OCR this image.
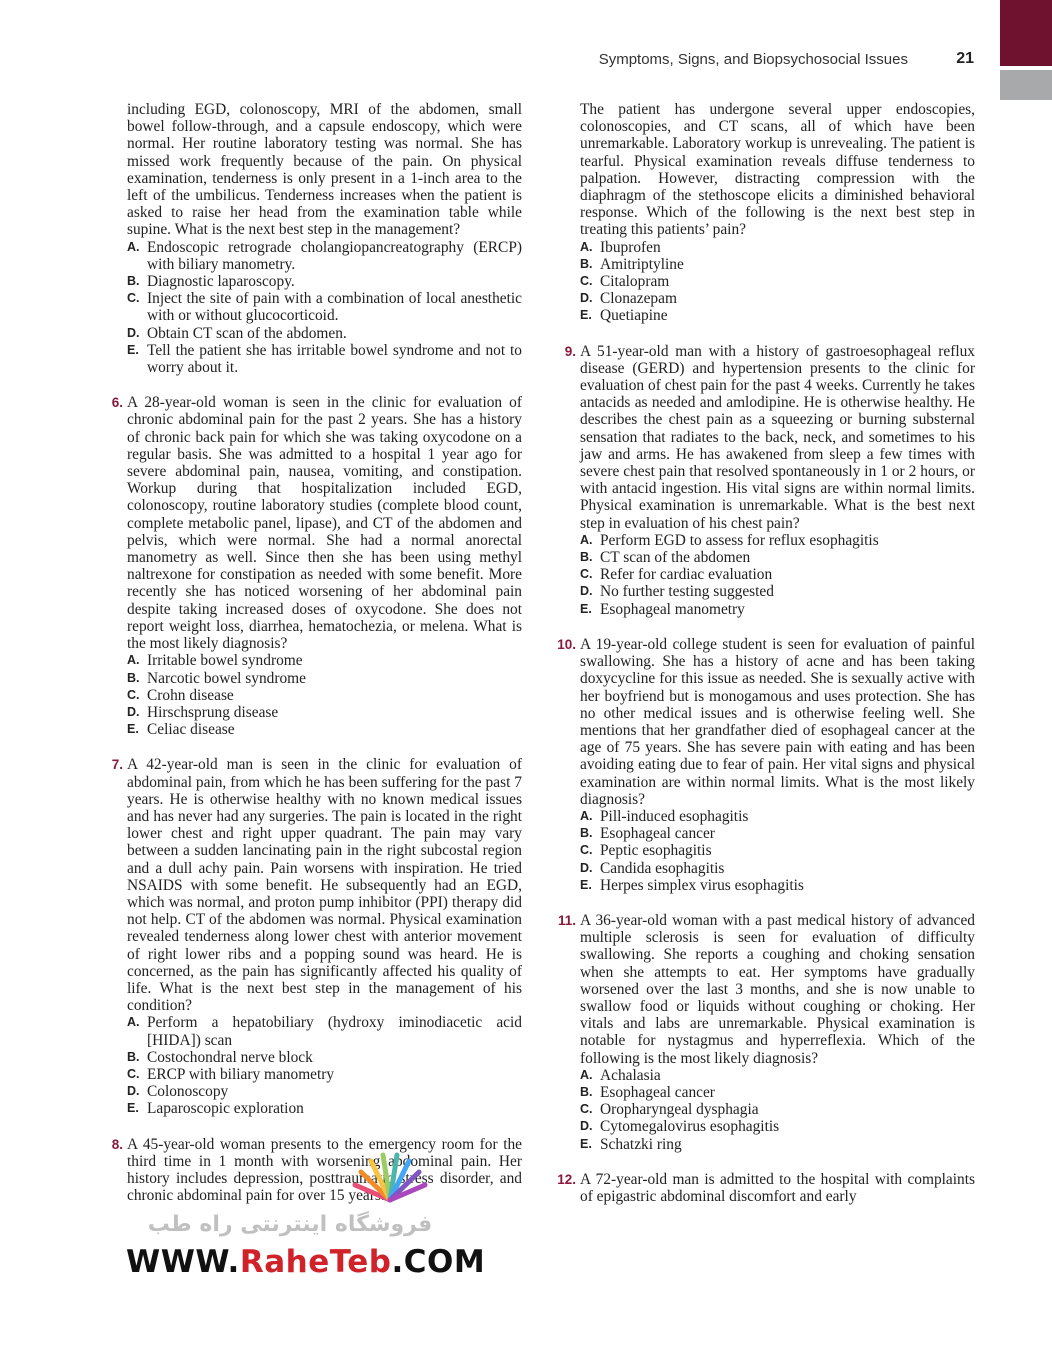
Symptoms, Signs, and Biopsychosocial Issues	21

including EGD, colonoscopy, MRI of the abdomen, small bowel follow-through, and a capsule endoscopy, which were normal. Her routine laboratory testing was normal. She has missed work frequently because of the pain. On physical examination, tenderness is only present in a 1-inch area to the left of the umbilicus. Tenderness increases when the patient is asked to raise her head from the examination table while supine. What is the next best step in the management?

A. Endoscopic retrograde cholangiopancreatography (ERCP) with biliary manometry.
B. Diagnostic laparoscopy.
C. Inject the site of pain with a combination of local anesthetic with or without glucocorticoid.
D. Obtain CT scan of the abdomen.
E. Tell the patient she has irritable bowel syndrome and not to worry about it.
6. A 28-year-old woman is seen in the clinic for evaluation of chronic abdominal pain for the past 2 years. She has a history of chronic back pain for which she was taking oxycodone on a regular basis. She was admitted to a hospital 1 year ago for severe abdominal pain, nausea, vomiting, and constipation. Workup during that hospitalization included EGD, colonoscopy, routine laboratory studies (complete blood count, complete metabolic panel, lipase), and CT of the abdomen and pelvis, which were normal. She had a normal anorectal manometry as well. Since then she has been using methyl naltrexone for constipation as needed with some benefit. More recently she has noticed worsening of her abdominal pain despite taking increased doses of oxycodone. She does not report weight loss, diarrhea, hematochezia, or melena. What is the most likely diagnosis?

A. Irritable bowel syndrome
B. Narcotic bowel syndrome
C. Crohn disease
D. Hirschsprung disease
E. Celiac disease
7. A 42-year-old man is seen in the clinic for evaluation of abdominal pain, from which he has been suffering for the past 7 years. He is otherwise healthy with no known medical issues and has never had any surgeries. The pain is located in the right lower chest and right upper quadrant. The pain may vary between a sudden lancinating pain in the right subcostal region and a dull achy pain. Pain worsens with inspiration. He tried NSAIDS with some benefit. He subsequently had an EGD, which was normal, and proton pump inhibitor (PPI) therapy did not help. CT of the abdomen was normal. Physical examination revealed tenderness along lower chest with anterior movement of right lower ribs and a popping sound was heard. He is concerned, as the pain has significantly affected his quality of life. What is the next best step in the management of his condition?

A. Perform a hepatobiliary (hydroxy iminodiacetic acid [HIDA]) scan
B. Costochondral nerve block
C. ERCP with biliary manometry
D. Colonoscopy
E. Laparoscopic exploration
8. A 45-year-old woman presents to the emergency room for the third time in 1 month with worsening abdominal pain. Her history includes depression, posttraumatic stress disorder, and chronic abdominal pain for over 15 years.

The patient has undergone several upper endoscopies, colonoscopies, and CT scans, all of which have been unremarkable. Laboratory workup is unrevealing. The patient is tearful. Physical examination reveals diffuse tenderness to palpation. However, distracting compression with the diaphragm of the stethoscope elicits a diminished behavioral response. Which of the following is the next best step in treating this patients’ pain?

A. Ibuprofen
B. Amitriptyline
C. Citalopram
D. Clonazepam
E. Quetiapine
9. A 51-year-old man with a history of gastroesophageal reflux disease (GERD) and hypertension presents to the clinic for evaluation of chest pain for the past 4 weeks. Currently he takes antacids as needed and amlodipine. He is otherwise healthy. He describes the chest pain as a squeezing or burning substernal sensation that radiates to the back, neck, and sometimes to his jaw and arms. He has awakened from sleep a few times with severe chest pain that resolved spontaneously in 1 or 2 hours, or with antacid ingestion. His vital signs are within normal limits. Physical examination is unremarkable. What is the best next step in evaluation of his chest pain?

A. Perform EGD to assess for reflux esophagitis
B. CT scan of the abdomen
C. Refer for cardiac evaluation
D. No further testing suggested
E. Esophageal manometry
10. A 19-year-old college student is seen for evaluation of painful swallowing. She has a history of acne and has been taking doxycycline for this issue as needed. She is sexually active with her boyfriend but is monogamous and uses protection. She has no other medical issues and is otherwise feeling well. She mentions that her grandfather died of esophageal cancer at the age of 75 years. She has severe pain with eating and has been avoiding eating due to fear of pain. Her vital signs and physical examination are within normal limits. What is the most likely diagnosis?

A. Pill-induced esophagitis
B. Esophageal cancer
C. Peptic esophagitis
D. Candida esophagitis
E. Herpes simplex virus esophagitis
11. A 36-year-old woman with a past medical history of advanced multiple sclerosis is seen for evaluation of difficulty swallowing. She reports a coughing and choking sensation when she attempts to eat. Her symptoms have gradually worsened over the last 3 months, and she is now unable to swallow food or liquids without coughing or choking. Her vitals and labs are unremarkable. Physical examination is notable for nystagmus and hyperreflexia. Which of the following is the most likely diagnosis?

A. Achalasia
B. Esophageal cancer
C. Oropharyngeal dysphagia
D. Cytomegalovirus esophagitis
E. Schatzki ring
12. A 72-year-old man is admitted to the hospital with complaints of epigastric abdominal discomfort and early

فروشگاه اینترنتی راه طب
WWW.RaheTeb.COM
